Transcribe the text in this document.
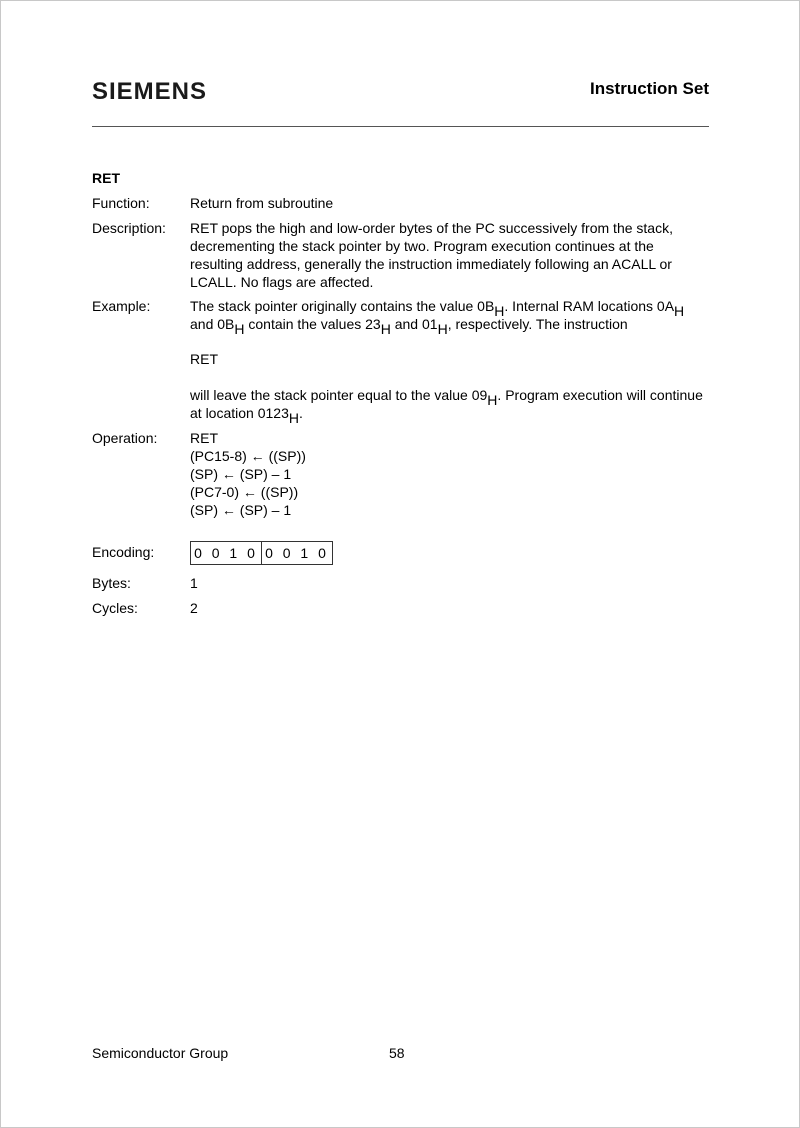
SIEMENS	Instruction Set
RET
Function:	Return from subroutine
Description: RET pops the high and low-order bytes of the PC successively from the stack,
decrementing the stack pointer by two. Program execution continues at the
resulting address, generally the instruction immediately following an ACALL or
LCALL. No flags are affected.
Example:	The stack pointer originally contains the value $0B_H$. Internal RAM locations $0A_H$
and $0B_H$ contain the values $23_H$ and $01_H$, respectively. The instruction
RET
will leave the stack pointer equal to the value $09_H$. Program execution will continue
at location $0123_H$.
Operation: RET
(PC15-8) ← ((SP))
(SP) ← (SP) – 1
(PC7-0) ← ((SP))
(SP) ← (SP) – 1
Encoding:	0 0 1 0 0 0 1 0
Bytes:	1
Cycles:	2
Semiconductor Group	58
